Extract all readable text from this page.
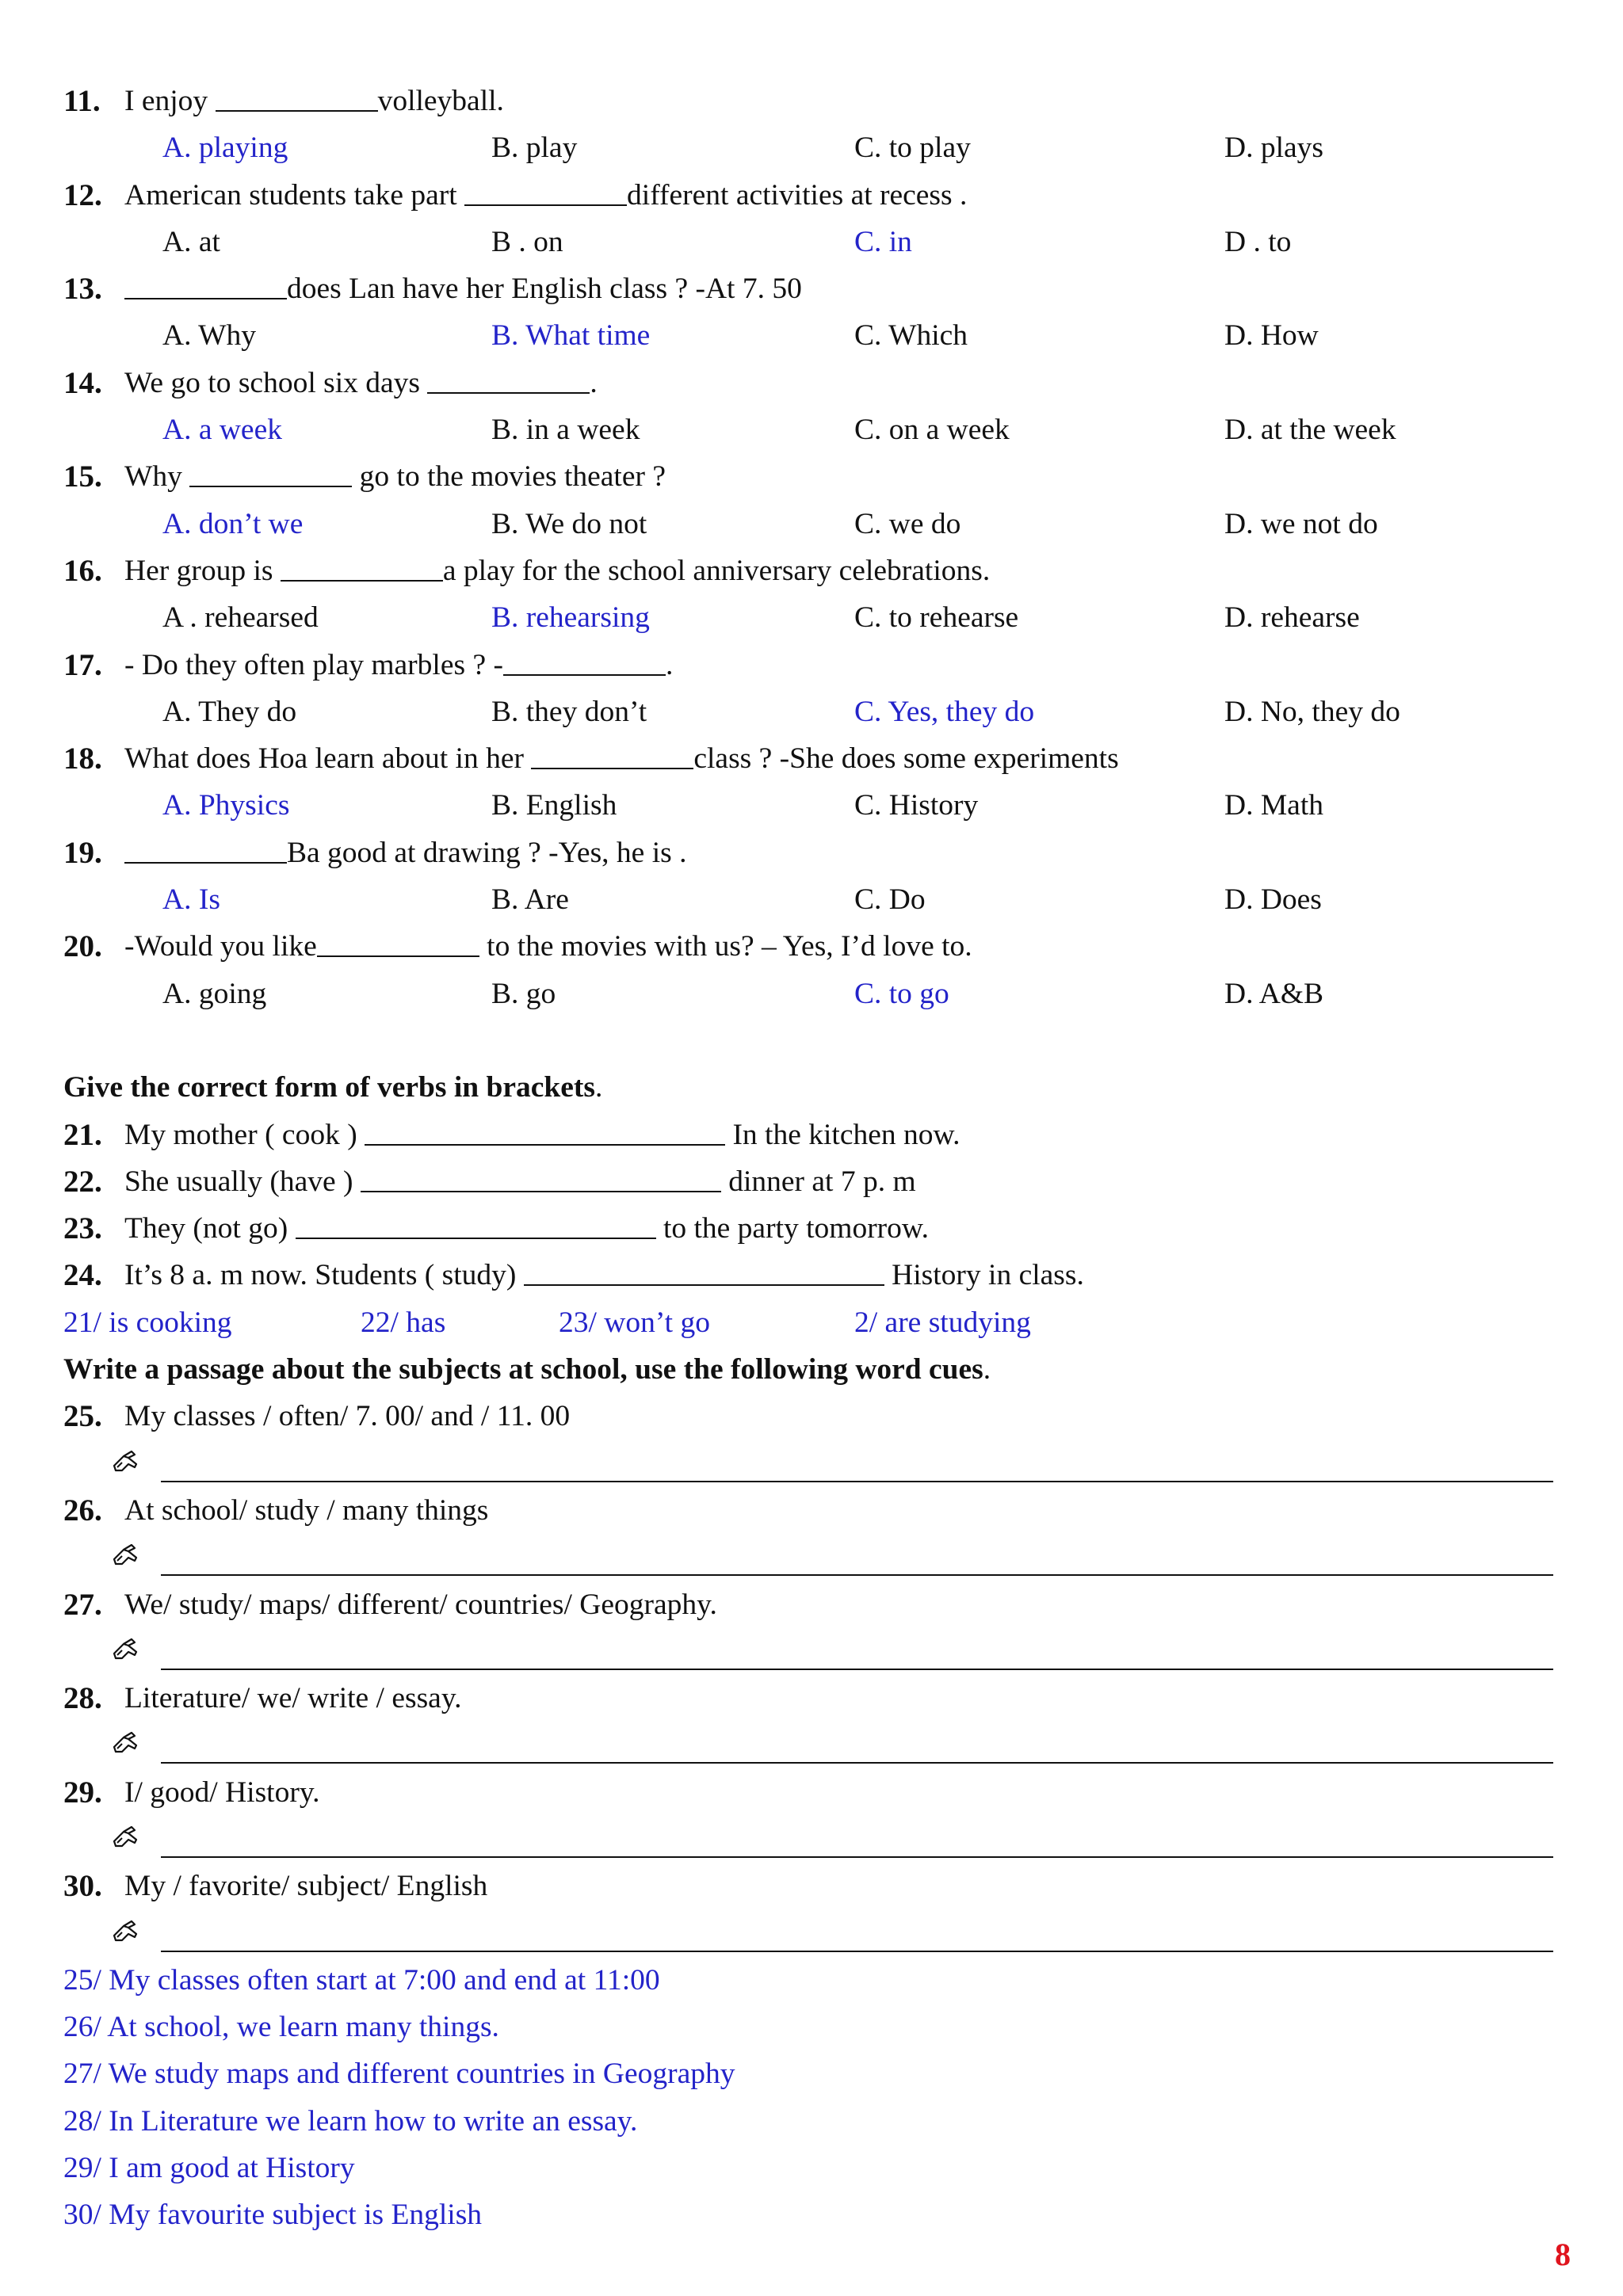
11. I enjoy	volleyball.
A. playing	B. play	C. to play	D. plays
12. American students take part	different activities at recess .
A. at	B . on	C. in	D . to
13.	does Lan have her English class ? -At 7. 50
A. Why	B. What time	C. Which	D. How
14. We go to school six days	.
A. a week	B. in a week	C. on a week	D. at the week
15. Why	go to the movies theater ?
A. don’t we	B. We do not	C. we do	D. we not do
16. Her group is	a play for the school anniversary celebrations.
A . rehearsed	B. rehearsing	C. to rehearse	D. rehearse
17. - Do they often play marbles ? -	.
A. They do	B. they don’t	C. Yes, they do	D. No, they do
18. What does Hoa learn about in her	class ? -She does some experiments
A. Physics	B. English	C. History	D. Math
19.	Ba good at drawing ? -Yes, he is .
A. Is	B. Are	C. Do	D. Does
20. -Would you like	to the movies with us? – Yes, I’d love to.
A. going	B. go	C. to go	D. A&B
Give the correct form of verbs in brackets.
21. My mother ( cook )	In the kitchen now.
22. She usually (have )	dinner at 7 p. m
23. They (not go)	to the party tomorrow.
24. It’s 8 a. m now. Students ( study)	History in class.
21/ is cooking	22/ has	23/ won’t go	2/ are studying
Write a passage about the subjects at school, use the following word cues.
25. My classes / often/ 7. 00/ and / 11. 00
26. At school/ study / many things
27. We/ study/ maps/ different/ countries/ Geography.
28. Literature/ we/ write / essay.
29. I/ good/ History.
30. My / favorite/ subject/ English
25/ My classes often start at 7:00 and end at 11:00
26/ At school, we learn many things.
27/ We study maps and different countries in Geography
28/ In Literature we learn how to write an essay.
29/ I am good at History
30/ My favourite subject is English
8
